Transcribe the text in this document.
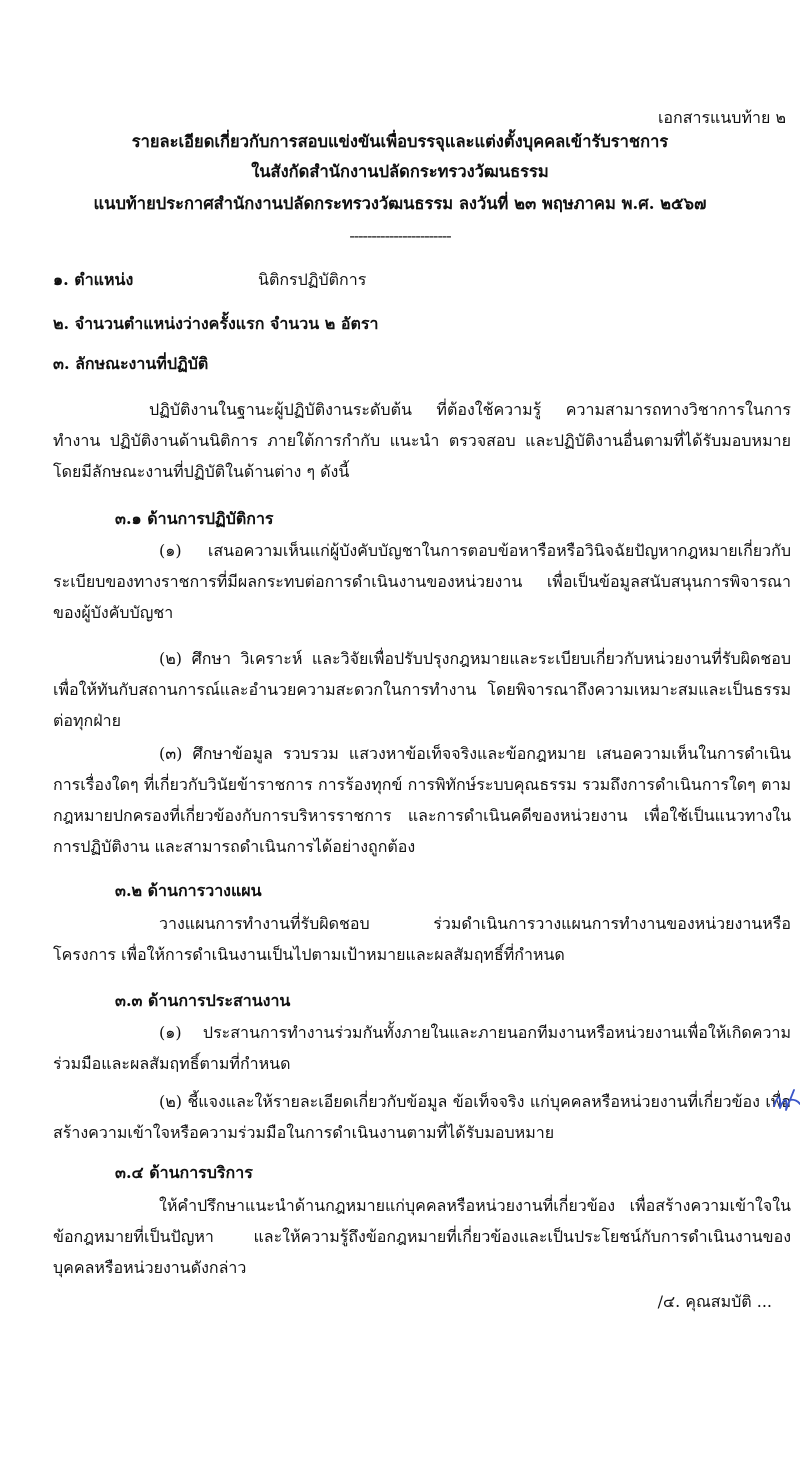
เอกสารแนบท้าย ๒
รายละเอียดเกี่ยวกับการสอบแข่งขันเพื่อบรรจุและแต่งตั้งบุคคลเข้ารับราชการ
ในสังกัดสำนักงานปลัดกระทรวงวัฒนธรรม
แนบท้ายประกาศสำนักงานปลัดกระทรวงวัฒนธรรม ลงวันที่ ๒๓ พฤษภาคม พ.ศ. ๒๕๖๗
-----------------------
๑. ตำแหน่ง	นิติกรปฏิบัติการ
๒. จำนวนตำแหน่งว่างครั้งแรก จำนวน ๒ อัตรา
๓. ลักษณะงานที่ปฏิบัติ
ปฏิบัติงานในฐานะผู้ปฏิบัติงานระดับต้น ที่ต้องใช้ความรู้ ความสามารถทางวิชาการในการทำงาน ปฏิบัติงานด้านนิติการ ภายใต้การกำกับ แนะนำ ตรวจสอบ และปฏิบัติงานอื่นตามที่ได้รับมอบหมาย โดยมีลักษณะงานที่ปฏิบัติในด้านต่าง ๆ ดังนี้
๓.๑ ด้านการปฏิบัติการ
(๑) เสนอความเห็นแก่ผู้บังคับบัญชาในการตอบข้อหารือหรือวินิจฉัยปัญหากฎหมายเกี่ยวกับระเบียบของทางราชการที่มีผลกระทบต่อการดำเนินงานของหน่วยงาน เพื่อเป็นข้อมูลสนับสนุนการพิจารณาของผู้บังคับบัญชา
(๒) ศึกษา วิเคราะห์ และวิจัยเพื่อปรับปรุงกฎหมายและระเบียบเกี่ยวกับหน่วยงานที่รับผิดชอบ เพื่อให้ทันกับสถานการณ์และอำนวยความสะดวกในการทำงาน โดยพิจารณาถึงความเหมาะสมและเป็นธรรมต่อทุกฝ่าย
(๓) ศึกษาข้อมูล รวบรวม แสวงหาข้อเท็จจริงและข้อกฎหมาย เสนอความเห็นในการดำเนินการเรื่องใดๆ ที่เกี่ยวกับวินัยข้าราชการ การร้องทุกข์ การพิทักษ์ระบบคุณธรรม รวมถึงการดำเนินการใดๆ ตามกฎหมายปกครองที่เกี่ยวข้องกับการบริหารราชการ และการดำเนินคดีของหน่วยงาน เพื่อใช้เป็นแนวทางในการปฏิบัติงาน และสามารถดำเนินการได้อย่างถูกต้อง
๓.๒ ด้านการวางแผน
วางแผนการทำงานที่รับผิดชอบ ร่วมดำเนินการวางแผนการทำงานของหน่วยงานหรือโครงการ เพื่อให้การดำเนินงานเป็นไปตามเป้าหมายและผลสัมฤทธิ์ที่กำหนด
๓.๓ ด้านการประสานงาน
(๑) ประสานการทำงานร่วมกันทั้งภายในและภายนอกทีมงานหรือหน่วยงานเพื่อให้เกิดความร่วมมือและผลสัมฤทธิ์ตามที่กำหนด
(๒) ชี้แจงและให้รายละเอียดเกี่ยวกับข้อมูล ข้อเท็จจริง แก่บุคคลหรือหน่วยงานที่เกี่ยวข้อง เพื่อสร้างความเข้าใจหรือความร่วมมือในการดำเนินงานตามที่ได้รับมอบหมาย
๓.๔ ด้านการบริการ
ให้คำปรึกษาแนะนำด้านกฎหมายแก่บุคคลหรือหน่วยงานที่เกี่ยวข้อง เพื่อสร้างความเข้าใจในข้อกฎหมายที่เป็นปัญหา และให้ความรู้ถึงข้อกฎหมายที่เกี่ยวข้องและเป็นประโยชน์กับการดำเนินงานของบุคคลหรือหน่วยงานดังกล่าว
/๔. คุณสมบัติ ...
